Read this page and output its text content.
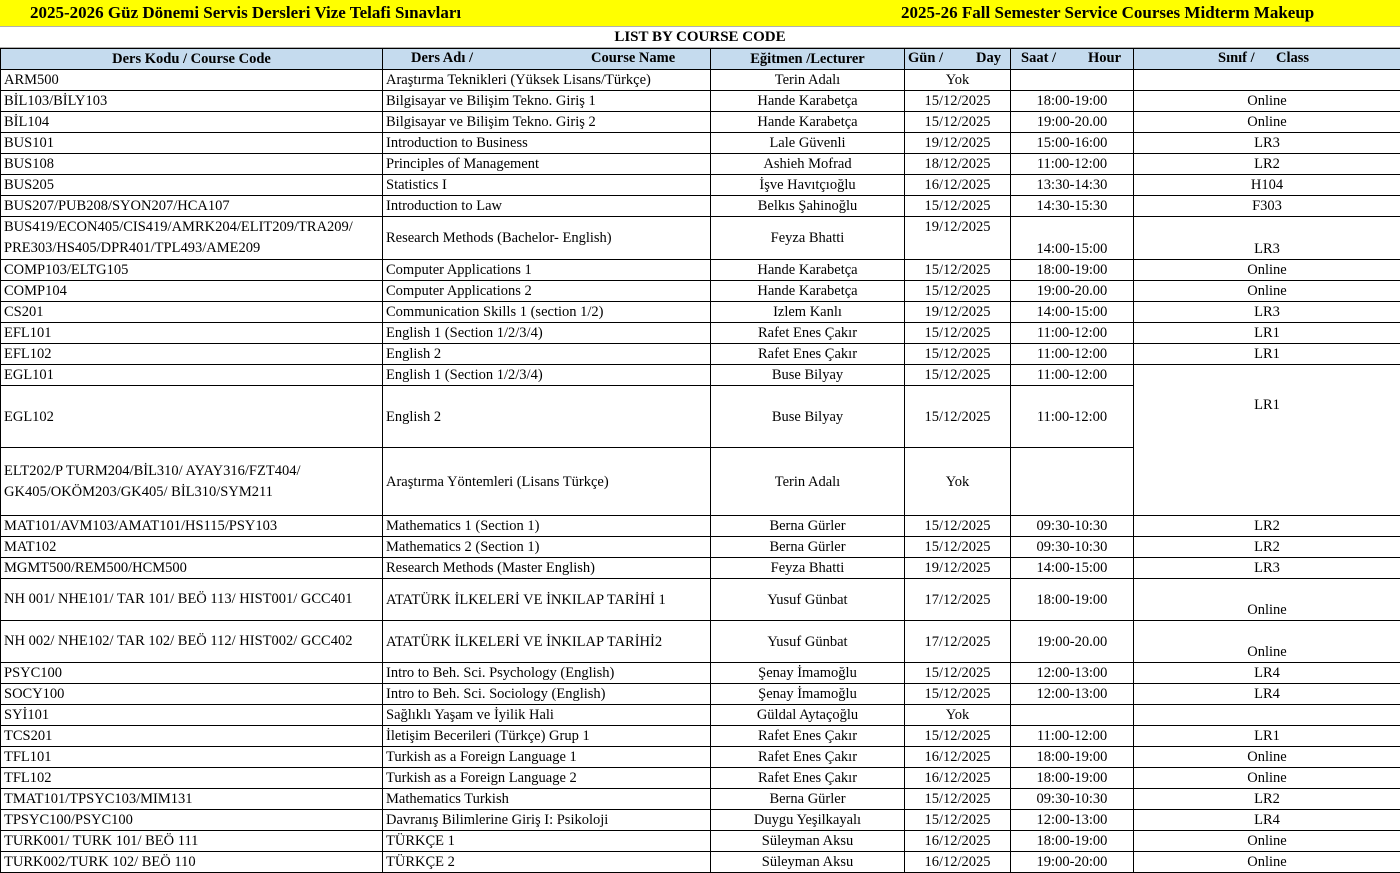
2025-2026 Güz Dönemi Servis Dersleri Vize Telafi Sınavları	2025-26 Fall Semester Service Courses Midterm Makeup
LIST BY COURSE CODE
Ders Kodu / Course Code	Ders Adı / Course Name	Eğitmen /Lecturer	Gün / Day	Saat / Hour	Sınıf / Class

ARM500	Araştırma Teknikleri (Yüksek Lisans/Türkçe)	Terin Adalı	Yok		
BİL103/BİLY103	Bilgisayar ve Bilişim Tekno. Giriş 1	Hande Karabetça	15/12/2025	18:00-19:00	Online
BİL104	Bilgisayar ve Bilişim Tekno. Giriş 2	Hande Karabetça	15/12/2025	19:00-20.00	Online
BUS101	Introduction to Business	Lale Güvenli	19/12/2025	15:00-16:00	LR3
BUS108	Principles of Management	Ashieh Mofrad	18/12/2025	11:00-12:00	LR2
BUS205	Statistics I	İşve Havıtçıoğlu	16/12/2025	13:30-14:30	H104
BUS207/PUB208/SYON207/HCA107	Introduction to Law	Belkıs Şahinoğlu	15/12/2025	14:30-15:30	F303
BUS419/ECON405/CIS419/AMRK204/ELIT209/TRA209/ PRE303/HS405/DPR401/TPL493/AME209	Research Methods (Bachelor- English)	Feyza Bhatti	19/12/2025	14:00-15:00	LR3
COMP103/ELTG105	Computer Applications 1	Hande Karabetça	15/12/2025	18:00-19:00	Online
COMP104	Computer Applications 2	Hande Karabetça	15/12/2025	19:00-20.00	Online
CS201	Communication Skills 1 (section 1/2)	Izlem Kanlı	19/12/2025	14:00-15:00	LR3
EFL101	English 1 (Section 1/2/3/4)	Rafet Enes Çakır	15/12/2025	11:00-12:00	LR1
EFL102	English 2	Rafet Enes Çakır	15/12/2025	11:00-12:00	LR1
EGL101	English 1 (Section 1/2/3/4)	Buse Bilyay	15/12/2025	11:00-12:00	LR1
EGL102	English 2	Buse Bilyay	15/12/2025	11:00-12:00	
ELT202/P TURM204/BİL310/ AYAY316/FZT404/ GK405/OKÖM203/GK405/ BİL310/SYM211	Araştırma Yöntemleri (Lisans Türkçe)	Terin Adalı	Yok		
MAT101/AVM103/AMAT101/HS115/PSY103	Mathematics 1 (Section 1)	Berna Gürler	15/12/2025	09:30-10:30	LR2
MAT102	Mathematics 2 (Section 1)	Berna Gürler	15/12/2025	09:30-10:30	LR2
MGMT500/REM500/HCM500	Research Methods (Master English)	Feyza Bhatti	19/12/2025	14:00-15:00	LR3
NH 001/ NHE101/ TAR 101/ BEÖ 113/ HIST001/ GCC401	ATATÜRK İLKELERİ VE İNKILAP TARİHİ 1	Yusuf Günbat	17/12/2025	18:00-19:00	Online
NH 002/ NHE102/ TAR 102/ BEÖ 112/ HIST002/ GCC402	ATATÜRK İLKELERİ VE İNKILAP TARİHİ2	Yusuf Günbat	17/12/2025	19:00-20.00	Online
PSYC100	Intro to Beh. Sci. Psychology (English)	Şenay İmamoğlu	15/12/2025	12:00-13:00	LR4
SOCY100	Intro to Beh. Sci. Sociology (English)	Şenay İmamoğlu	15/12/2025	12:00-13:00	LR4
SYİ101	Sağlıklı Yaşam ve İyilik Hali	Güldal Aytaçoğlu	Yok		
TCS201	İletişim Becerileri (Türkçe) Grup 1	Rafet Enes Çakır	15/12/2025	11:00-12:00	LR1
TFL101	Turkish as a Foreign Language 1	Rafet Enes Çakır	16/12/2025	18:00-19:00	Online
TFL102	Turkish as a Foreign Language 2	Rafet Enes Çakır	16/12/2025	18:00-19:00	Online
TMAT101/TPSYC103/MIM131	Mathematics Turkish	Berna Gürler	15/12/2025	09:30-10:30	LR2
TPSYC100/PSYC100	Davranış Bilimlerine Giriş I: Psikoloji	Duygu Yeşilkayalı	15/12/2025	12:00-13:00	LR4
TURK001/ TURK 101/ BEÖ 111	TÜRKÇE 1	Süleyman Aksu	16/12/2025	18:00-19:00	Online
TURK002/TURK 102/ BEÖ 110	TÜRKÇE 2	Süleyman Aksu	16/12/2025	19:00-20:00	Online
